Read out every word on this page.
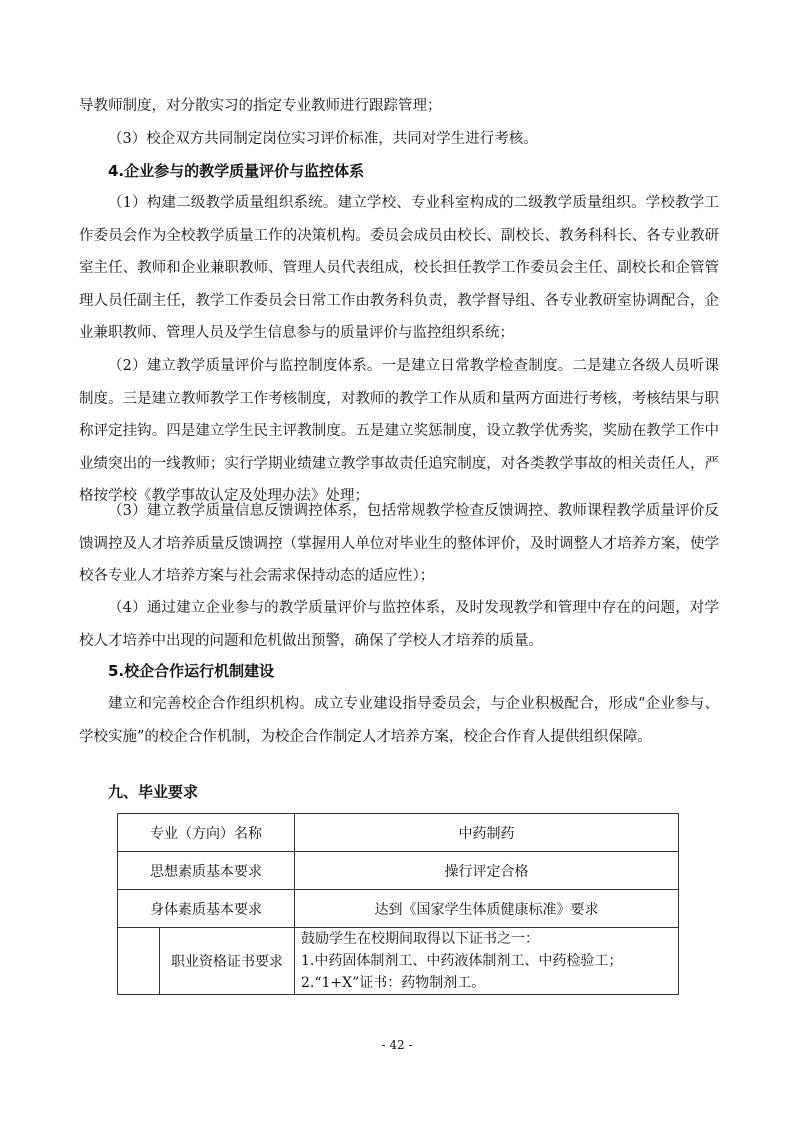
导教师制度，对分散实习的指定专业教师进行跟踪管理；

（3）校企双方共同制定岗位实习评价标准，共同对学生进行考核。

4.企业参与的教学质量评价与监控体系

（1）构建二级教学质量组织系统。建立学校、专业科室构成的二级教学质量组织。学校教学工作委员会作为全校教学质量工作的决策机构。委员会成员由校长、副校长、教务科科长、各专业教研室主任、教师和企业兼职教师、管理人员代表组成，校长担任教学工作委员会主任、副校长和企管管理人员任副主任，教学工作委员会日常工作由教务科负责，教学督导组、各专业教研室协调配合，企业兼职教师、管理人员及学生信息参与的质量评价与监控组织系统；

（2）建立教学质量评价与监控制度体系。一是建立日常教学检查制度。二是建立各级人员听课制度。三是建立教师教学工作考核制度，对教师的教学工作从质和量两方面进行考核，考核结果与职称评定挂钩。四是建立学生民主评教制度。五是建立奖惩制度，设立教学优秀奖，奖励在教学工作中业绩突出的一线教师；实行学期业绩建立教学事故责任追究制度，对各类教学事故的相关责任人，严格按学校《教学事故认定及处理办法》处理；

（3）建立教学质量信息反馈调控体系，包括常规教学检查反馈调控、教师课程教学质量评价反馈调控及人才培养质量反馈调控（掌握用人单位对毕业生的整体评价，及时调整人才培养方案，使学校各专业人才培养方案与社会需求保持动态的适应性）；

（4）通过建立企业参与的教学质量评价与监控体系，及时发现教学和管理中存在的问题，对学校人才培养中出现的问题和危机做出预警，确保了学校人才培养的质量。

5.校企合作运行机制建设

建立和完善校企合作组织机构。成立专业建设指导委员会，与企业积极配合，形成“企业参与、学校实施”的校企合作机制，为校企合作制定人才培养方案，校企合作育人提供组织保障。

九、毕业要求
专业（方向）名称		中药制药
思想素质基本要求		操行评定合格
身体素质基本要求		达到《国家学生体质健康标准》要求
	职业资格证书要求	鼓励学生在校期间取得以下证书之一：
1.中药固体制剂工、中药液体制剂工、中药检验工；
2.“1+X”证书：药物制剂工。
- 42 -
